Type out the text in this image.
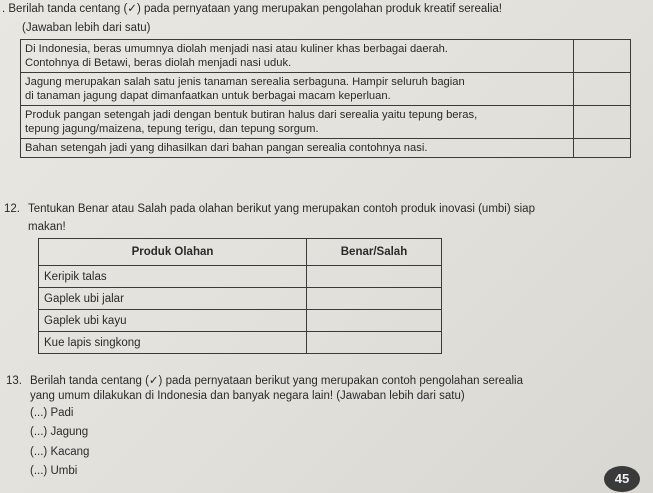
. Berilah tanda centang (✓) pada pernyataan yang merupakan pengolahan produk kreatif serealia!
(Jawaban lebih dari satu)
Di Indonesia, beras umumnya diolah menjadi nasi atau kuliner khas berbagai daerah.
Contohnya di Betawi, beras diolah menjadi nasi uduk.	

Jagung merupakan salah satu jenis tanaman serealia serbaguna. Hampir seluruh bagian
di tanaman jagung dapat dimanfaatkan untuk berbagai macam keperluan.	

Produk pangan setengah jadi dengan bentuk butiran halus dari serealia yaitu tepung beras,
tepung jagung/maizena, tepung terigu, dan tepung sorgum.	

Bahan setengah jadi yang dihasilkan dari bahan pangan serealia contohnya nasi.	

12. Tentukan Benar atau Salah pada olahan berikut yang merupakan contoh produk inovasi (umbi) siap
makan!
Produk Olahan	Benar/Salah
Keripik talas	
Gaplek ubi jalar	
Gaplek ubi kayu	
Kue lapis singkong	
13. Berilah tanda centang (✓) pada pernyataan berikut yang merupakan contoh pengolahan serealia
yang umum dilakukan di Indonesia dan banyak negara lain! (Jawaban lebih dari satu)
(...) Padi
(...) Jagung
(...) Kacang
(...) Umbi	45
